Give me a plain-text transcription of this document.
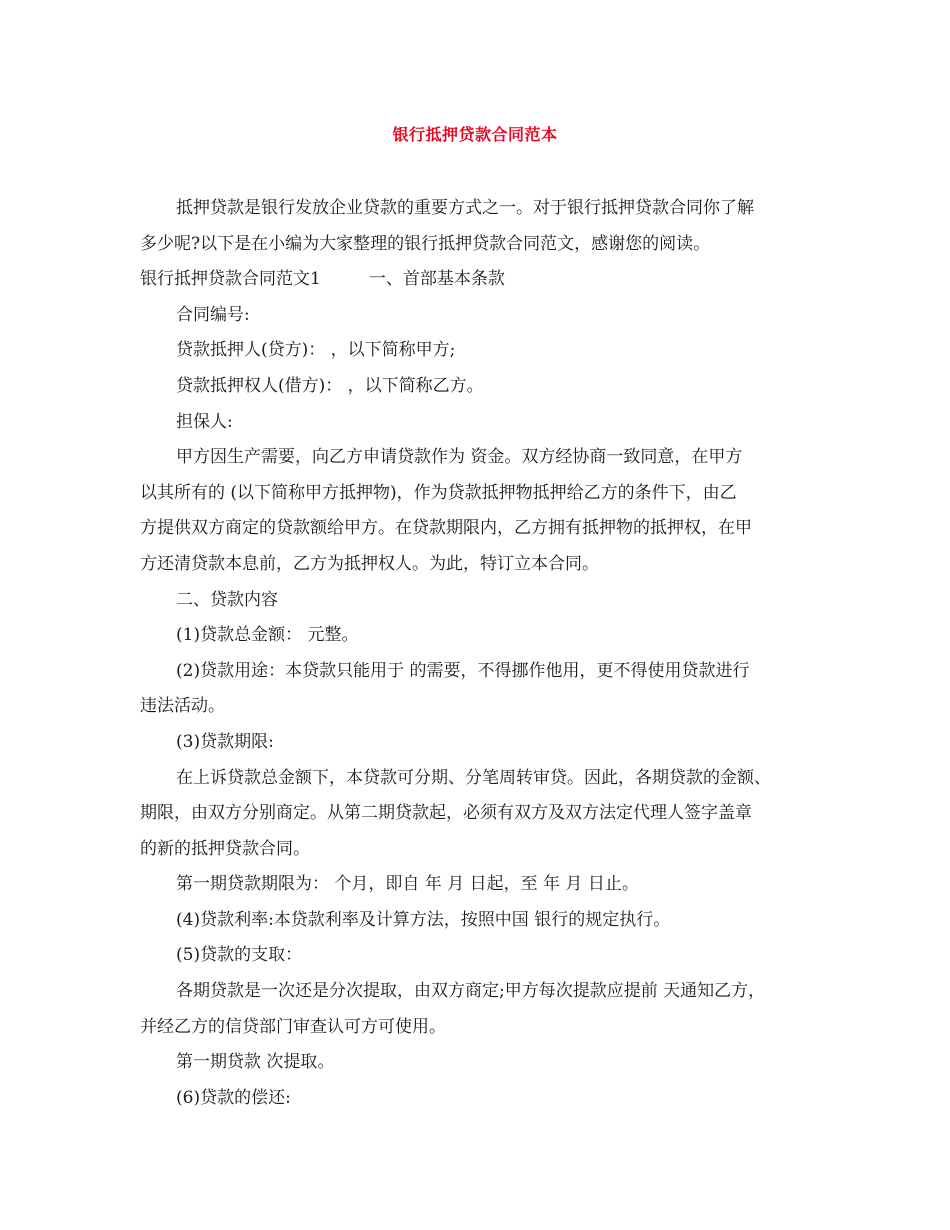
银行抵押贷款合同范本
抵押贷款是银行发放企业贷款的重要方式之一。对于银行抵押贷款合同你了解
多少呢?以下是在小编为大家整理的银行抵押贷款合同范文，感谢您的阅读。
银行抵押贷款合同范文1	一、首部基本条款
合同编号:
贷款抵押人(贷方)： ，以下简称甲方;
贷款抵押权人(借方)： ，以下简称乙方。
担保人:
甲方因生产需要，向乙方申请贷款作为 资金。双方经协商一致同意，在甲方
以其所有的 (以下简称甲方抵押物)，作为贷款抵押物抵押给乙方的条件下，由乙
方提供双方商定的贷款额给甲方。在贷款期限内，乙方拥有抵押物的抵押权，在甲
方还清贷款本息前，乙方为抵押权人。为此，特订立本合同。
二、贷款内容
(1)贷款总金额： 元整。
(2)贷款用途：本贷款只能用于 的需要，不得挪作他用，更不得使用贷款进行
违法活动。
(3)贷款期限:
在上诉贷款总金额下，本贷款可分期、分笔周转审贷。因此，各期贷款的金额、
期限，由双方分别商定。从第二期贷款起，必须有双方及双方法定代理人签字盖章
的新的抵押贷款合同。
第一期贷款期限为： 个月，即自 年 月 日起，至 年 月 日止。
(4)贷款利率:本贷款利率及计算方法，按照中国 银行的规定执行。
(5)贷款的支取：
各期贷款是一次还是分次提取，由双方商定;甲方每次提款应提前 天通知乙方，
并经乙方的信贷部门审查认可方可使用。
第一期贷款 次提取。
(6)贷款的偿还:
